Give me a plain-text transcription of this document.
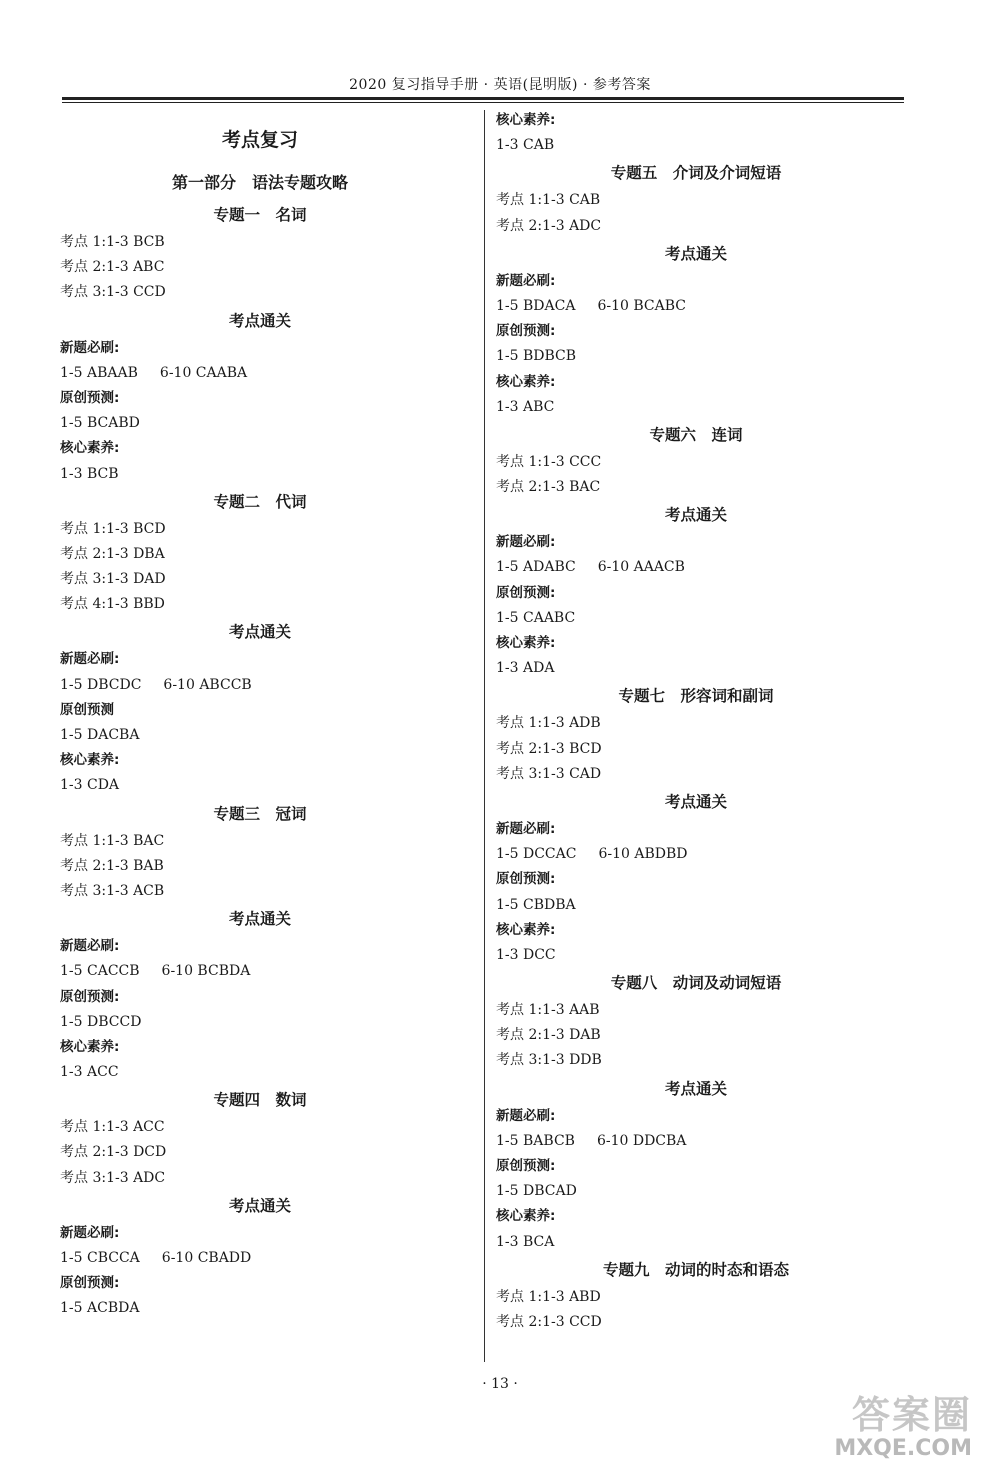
2020 复习指导手册 · 英语(昆明版) · 参考答案
考点复习
第一部分　语法专题攻略
专题一　名词
考点 1:1-3 BCB
考点 2:1-3 ABC
考点 3:1-3 CCD
考点通关
新题必刷:
1-5 ABAAB 6-10 CAABA
原创预测:
1-5 BCABD
核心素养:
1-3 BCB
专题二　代词
考点 1:1-3 BCD
考点 2:1-3 DBA
考点 3:1-3 DAD
考点 4:1-3 BBD
考点通关
新题必刷:
1-5 DBCDC 6-10 ABCCB
原创预测
1-5 DACBA
核心素养:
1-3 CDA
专题三　冠词
考点 1:1-3 BAC
考点 2:1-3 BAB
考点 3:1-3 ACB
考点通关
新题必刷:
1-5 CACCB 6-10 BCBDA
原创预测:
1-5 DBCCD
核心素养:
1-3 ACC
专题四　数词
考点 1:1-3 ACC
考点 2:1-3 DCD
考点 3:1-3 ADC
考点通关
新题必刷:
1-5 CBCCA 6-10 CBADD
原创预测:
1-5 ACBDA
核心素养:
1-3 CAB
专题五　介词及介词短语
考点 1:1-3 CAB
考点 2:1-3 ADC
考点通关
新题必刷:
1-5 BDACA 6-10 BCABC
原创预测:
1-5 BDBCB
核心素养:
1-3 ABC
专题六　连词
考点 1:1-3 CCC
考点 2:1-3 BAC
考点通关
新题必刷:
1-5 ADABC 6-10 AAACB
原创预测:
1-5 CAABC
核心素养:
1-3 ADA
专题七　形容词和副词
考点 1:1-3 ADB
考点 2:1-3 BCD
考点 3:1-3 CAD
考点通关
新题必刷:
1-5 DCCAC 6-10 ABDBD
原创预测:
1-5 CBDBA
核心素养:
1-3 DCC
专题八　动词及动词短语
考点 1:1-3 AAB
考点 2:1-3 DAB
考点 3:1-3 DDB
考点通关
新题必刷:
1-5 BABCB 6-10 DDCBA
原创预测:
1-5 DBCAD
核心素养:
1-3 BCA
专题九　动词的时态和语态
考点 1:1-3 ABD
考点 2:1-3 CCD
· 13 ·
答案圈
MXQE.COM
